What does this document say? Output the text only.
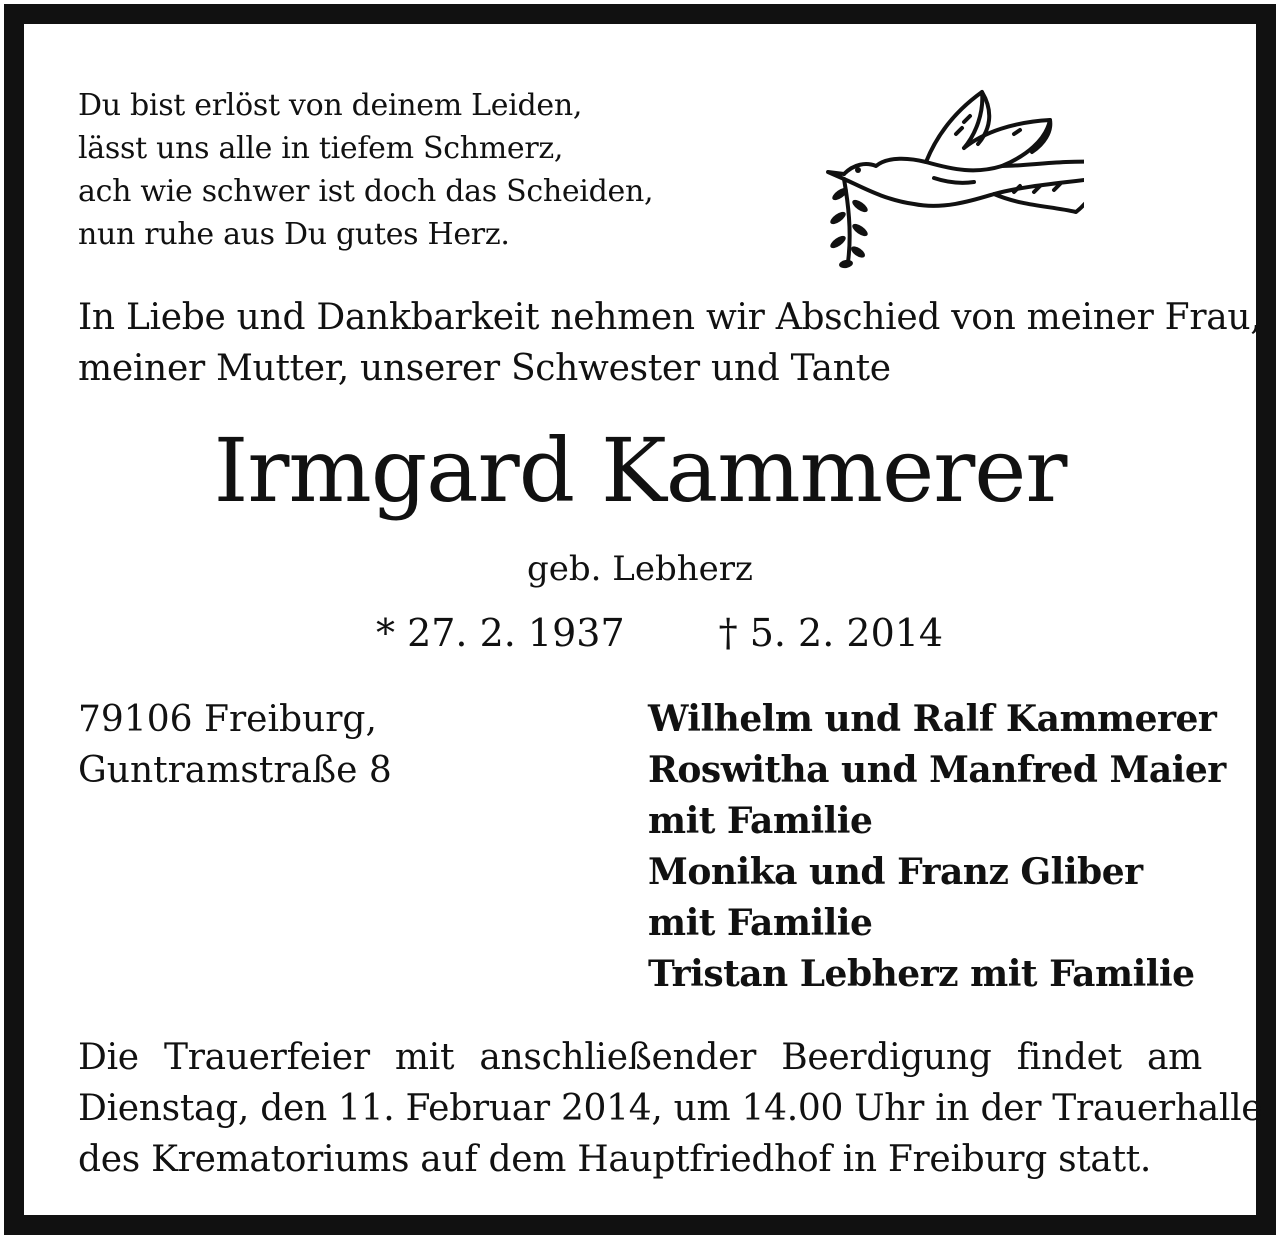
Du bist erlöst von deinem Leiden,
lässt uns alle in tiefem Schmerz,
ach wie schwer ist doch das Scheiden,
nun ruhe aus Du gutes Herz.
In Liebe und Dankbarkeit nehmen wir Abschied von meiner Frau,
meiner Mutter, unserer Schwester und Tante
Irmgard Kammerer
geb. Lebherz
* 27. 2. 1937 † 5. 2. 2014
79106 Freiburg,
Guntramstraße 8
Wilhelm und Ralf Kammerer
Roswitha und Manfred Maier
mit Familie
Monika und Franz Gliber
mit Familie
Tristan Lebherz mit Familie
Die Trauerfeier mit anschließender Beerdigung findet am
Dienstag, den 11. Februar 2014, um 14.00 Uhr in der Trauerhalle
des Krematoriums auf dem Hauptfriedhof in Freiburg statt.
